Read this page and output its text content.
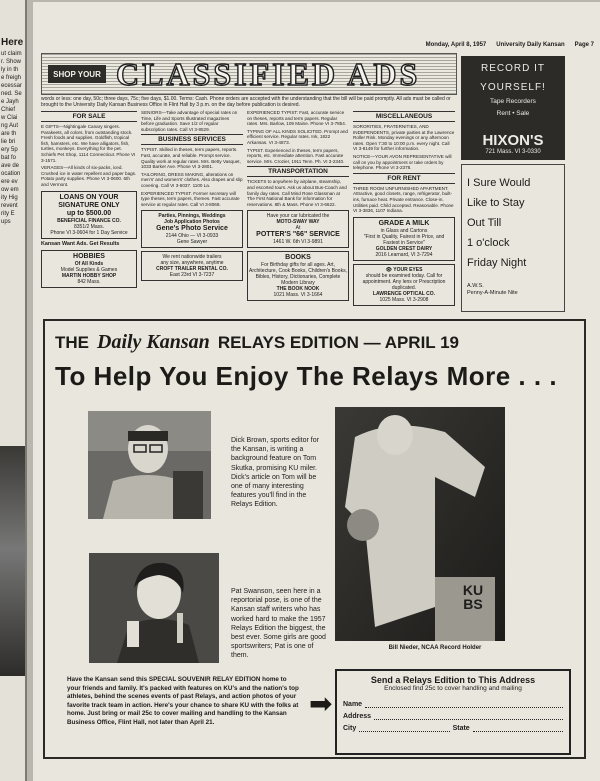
Here
ut claim
r. Show
ly in th
e freigh
ecessar
ned. Se
e Jayh
Chief
w Clai
ng Aut
are th
lie bri
ery 5p
bat fo
ave de
ocation
ere ev
ow em
ity Hig
revent
rity E
ups
Monday, April 8, 1957 University Daily Kansan Page 7
SHOP YOUR CLASSIFIED ADS
words or less: one day, 50c; three days, 75c; five days, $1.00. Terms: Cash. Phone orders are accepted with the understanding that the bill will be paid promptly. All ads must be called or brought to the University Daily Kansan Business Office in Flint Hall by 3 p.m. on the day before publication is desired.
FOR SALE
E GIFTS—Nightingale Canary singers. Parakeets, all colors, from outstanding stock. Fresh foods and supplies. Goldfish, tropical fish, hamsters, etc. We have alligators, fish, turtles, monkeys. Everything for the pet. Schiefs Pet Shop, 1114 Connecticut. Phone VI 3-1571.
VERAGES—All kinds of six-packs, iced. Crushed ice in water repellent and paper bags. Potato party supplies. Phone VI 3-0600. 6th and Vermont.
LOANS ON YOUR SIGNATURE ONLY
up to $500.00
BENEFICIAL FINANCE CO.
8351/2 Mass.
Phone VI 3-0604 for 1 Day Service
Kansan Want Ads. Get Results
HOBBIES
Of All Kinds
Model Supplies & Games
MARTIN HOBBY SHOP
842 Mass.
SENIORS—Take advantage of special rates on Time, Life and Sports Illustrated magazines before graduation. Save 1/2 of regular subscription rates. Call VI 3-8529.
BUSINESS SERVICES
TYPIST. Skilled in theses, term papers, reports. Fast, accurate, and reliable. Prompt service. Quality work at regular rates. Mrs. Betty Vasquet, 1033 Barker Ave. Phone VI 3-2801.
TAILORING, DRESS MAKING, alterations on men's' and women's' clothes. Also drapes and slip covering. Call VI 3-6037. 1100 La.
EXPERIENCED TYPIST. Former secretary will type theses, term papers, themes. Fast accurate service at regular rates. Call VI 3-8068.
Parties, Pinnings, Weddings
Job Application Photos
Gene's Photo Service
2144 Ohio — VI 3-0933
Gene Sawyer
We rent nationwide trailers
any size, anywhere, anytime
CROFT TRAILER RENTAL CO.
East 23rd VI 3-7237
EXPERIENCED TYPIST: Fast, accurate service on theses, reports and term papers. Regular rates. Mrs. Barlow, 109 Maine. Phone VI 3-7854.
TYPING OF ALL KINDS SOLICITED. Prompt and efficient service. Regular rates. Ink, 1822 Arkansas. VI 3-4873.
TYPIST. Experienced in theses, term papers, reports, etc. Immediate attention. Fast accurate service. Mrs. Crozier, 1911 Tenn. Ph. VI 3-2340.
TRANSPORTATION
TICKETS to anywhere by airplane, steamship, and escorted tours. Ask us about Bus-Coach and family day rates. Call Mind Rose Glassman at The First National Bank for information for reservations. 8th & Mass. Phone VI 3-6622.
Have your car lubricated the
MOTO-SWAY WAY
At
POTTER'S "66" SERVICE
1461 W. 6th VI 3-9891
BOOKS
For Birthday gifts for all ages. Art, Architecture, Cook Books, Children's Books, Bibles, History, Dictionaries, Complete Modern Library
THE BOOK NOOK
1021 Mass. VI 3-1664
MISCELLANEOUS
SORORITIES, FRATERNITIES, AND INDEPENDENTS, private parties at the Lawrence Roller Rink. Monday evenings or any afternoon rates. Open 7:30 to 10:00 p.m. every night. Call VI 3-8149 for further information.
NOTICE—YOUR AVON REPRESENTATIVE will call on you by appointment or take orders by telephone. Phone VI 3-2378.
FOR RENT
THREE ROOM UNFURNISHED APARTMENT. Attractive, good closets, range, refrigerator, built-ins, furnace heat. Private entrance. Close-in. Utilities paid. Child accepted. Reasonable. Phone VI 3-3836, 1107 Indiana.
GRADE A MILK
in Glass and Cartons
"First in Quality, Fairest in Price, and Fastest in Service"
GOLDEN CREST DAIRY
2016 Learnard, VI 3-7294
👁 YOUR EYES
should be examined today. Call for appointment. Any lens or Prescription duplicated.
LAWRENCE OPTICAL CO.
1025 Mass. VI 3-2908
RECORD IT
YOURSELF!
Tape Recorders
Rent • Sale
HIXON'S
721 Mass. VI 3-0330
I Sure Would
Like to Stay
Out Till
1 o'clock
Friday Night
A.W.S.
Penny-A-Minute Nite
THE Daily Kansan RELAYS EDITION — APRIL 19
To Help You Enjoy The Relays More . . .
Dick Brown, sports editor for the Kansan, is writing a background feature on Tom Skutka, promising KU miler. Dick's article on Tom will be one of many interesting features you'll find in the Relays Edition.
Pat Swanson, seen here in a reportorial pose, is one of the Kansan staff writers who has worked hard to make the 1957 Relays Edition the biggest, the best ever. Some girls are good sportswriters; Pat is one of them.
KU BS
Bill Nieder, NCAA Record Holder
Have the Kansan send this SPECIAL SOUVENIR RELAY EDITION home to your friends and family. It's packed with features on KU's and the nation's top athletes, behind the scenes events of past Relays, and action photos of your favorite track team in action. Here's your chance to share KU with the folks at home. Just bring or mail 25c to cover mailing and handling to the Kansan Business Office, Flint Hall, not later than April 21.
➡
Send a Relays Edition to This Address
Enclosed find 25c to cover handling and mailing
Name
Address
City	State
